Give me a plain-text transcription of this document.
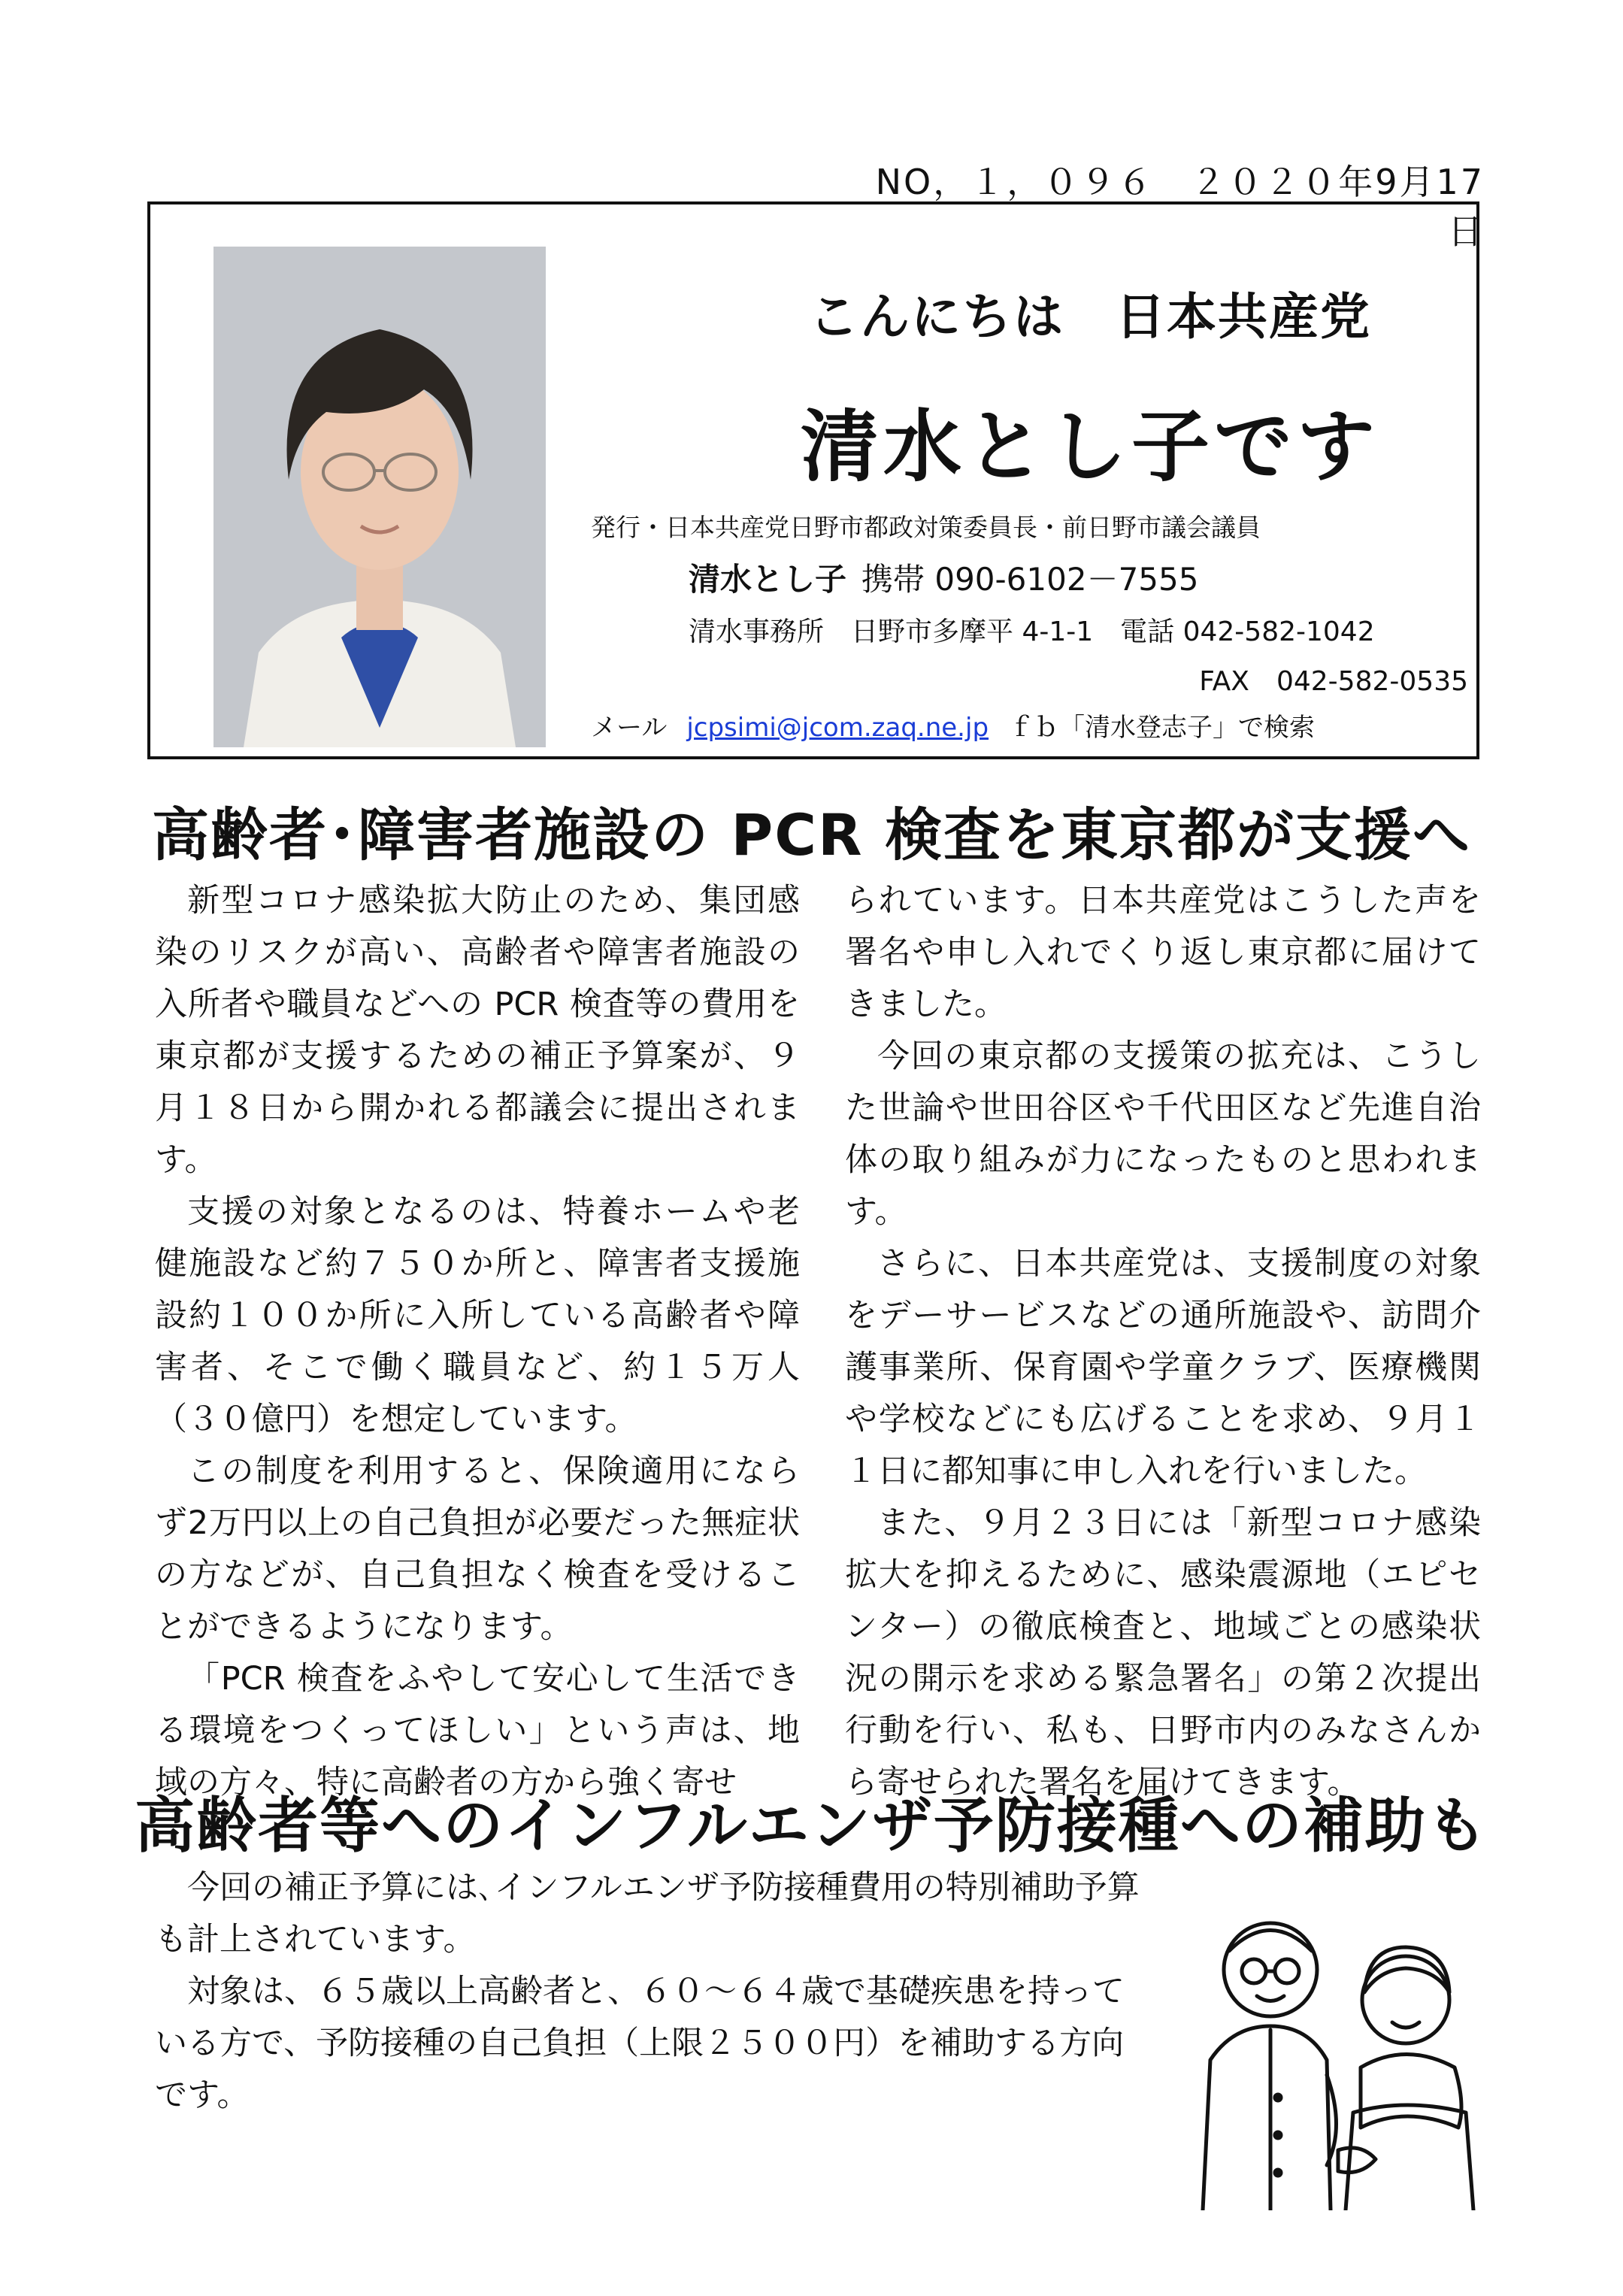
NO，１，０９６　２０２０年9月17日
こんにちは　日本共産党
清水とし子です
発行・日本共産党日野市都政対策委員長・前日野市議会議員
清水とし子 携帯 090-6102－7555
清水事務所　日野市多摩平 4-1-1　電話 042-582-1042
FAX　042-582-0535
メール jcpsimi@jcom.zaq.ne.jp ｆｂ「清水登志子」で検索
高齢者･障害者施設の PCR 検査を東京都が支援へ

新型コロナ感染拡大防止のため、集団感染のリスクが高い、高齢者や障害者施設の入所者や職員などへの PCR 検査等の費用を東京都が支援するための補正予算案が、９月１８日から開かれる都議会に提出されます。

支援の対象となるのは、特養ホームや老健施設など約７５０か所と、障害者支援施設約１００か所に入所している高齢者や障害者、そこで働く職員など、約１５万人（３０億円）を想定しています。

この制度を利用すると、保険適用にならず2万円以上の自己負担が必要だった無症状の方などが、自己負担なく検査を受けることができるようになります。

「PCR 検査をふやして安心して生活できる環境をつくってほしい」という声は、地域の方々、特に高齢者の方から強く寄せ

られています。日本共産党はこうした声を署名や申し入れでくり返し東京都に届けてきました。

今回の東京都の支援策の拡充は、こうした世論や世田谷区や千代田区など先進自治体の取り組みが力になったものと思われます。

さらに、日本共産党は、支援制度の対象をデーサービスなどの通所施設や、訪問介護事業所、保育園や学童クラブ、医療機関や学校などにも広げることを求め、９月１１日に都知事に申し入れを行いました。

また、９月２３日には「新型コロナ感染拡大を抑えるために、感染震源地（エピセンター）の徹底検査と、地域ごとの感染状況の開示を求める緊急署名」の第２次提出行動を行い、私も、日野市内のみなさんから寄せられた署名を届けてきます。

高齢者等へのインフルエンザ予防接種への補助も

今回の補正予算には､インフルエンザ予防接種費用の特別補助予算も計上されています。

対象は、６５歳以上高齢者と、６０～６４歳で基礎疾患を持っている方で、予防接種の自己負担（上限２５００円）を補助する方向です。
